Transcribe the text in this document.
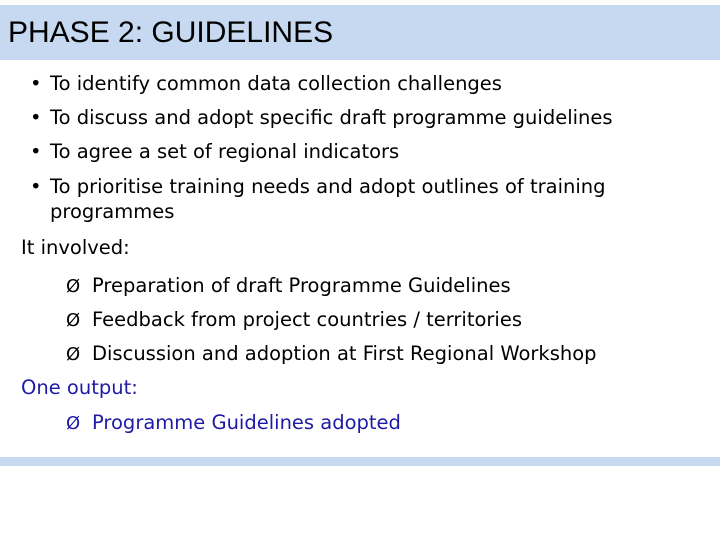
PHASE 2: GUIDELINES
• To identify common data collection challenges
• To discuss and adopt specific draft programme guidelines
• To agree a set of regional indicators
• To prioritise training needs and adopt outlines of training programmes
It involved:
Ø Preparation of draft Programme Guidelines
Ø Feedback from project countries / territories
Ø Discussion and adoption at First Regional Workshop
One output:
Ø Programme Guidelines adopted
